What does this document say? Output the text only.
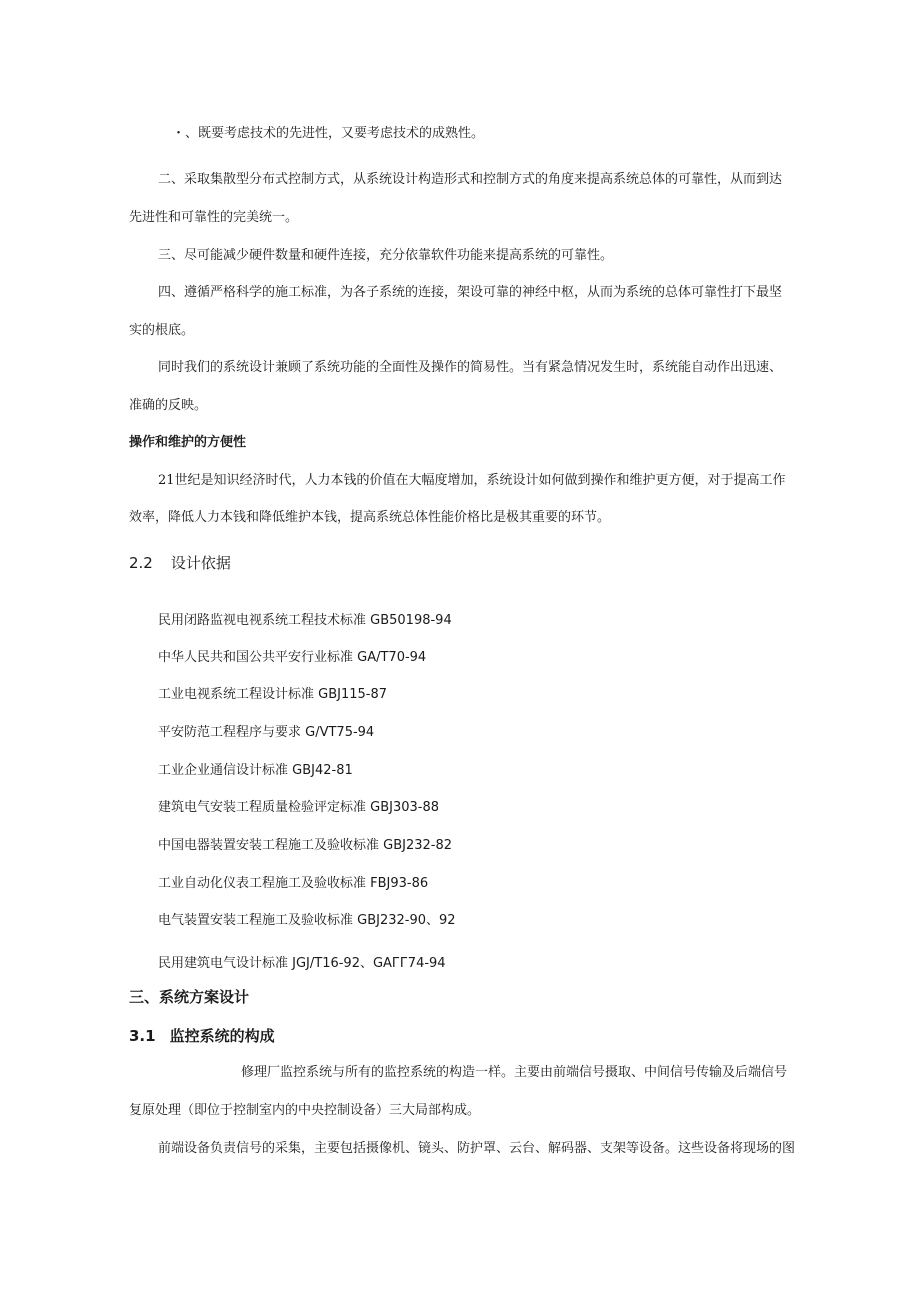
・、既要考虑技术的先进性，又要考虑技术的成熟性。
二、采取集散型分布式控制方式，从系统设计构造形式和控制方式的角度来提高系统总体的可靠性，从而到达
先进性和可靠性的完美统一。
三、尽可能减少硬件数量和硬件连接，充分依靠软件功能来提高系统的可靠性。
四、遵循严格科学的施工标准，为各子系统的连接，架设可靠的神经中枢，从而为系统的总体可靠性打下最坚
实的根底。
同时我们的系统设计兼顾了系统功能的全面性及操作的简易性。当有紧急情况发生时，系统能自动作出迅速、
准确的反映。
操作和维护的方便性
21世纪是知识经济时代，人力本钱的价值在大幅度增加，系统设计如何做到操作和维护更方便，对于提高工作
效率，降低人力本钱和降低维护本钱，提高系统总体性能价格比是极其重要的环节。
2.2 设计依据
民用闭路监视电视系统工程技术标准 GB50198-94
中华人民共和国公共平安行业标准 GA/T70-94
工业电视系统工程设计标准 GBJ115-87
平安防范工程程序与要求 G/VT75-94
工业企业通信设计标准 GBJ42-81
建筑电气安装工程质量检验评定标准 GBJ303-88
中国电器装置安装工程施工及验收标准 GBJ232-82
工业自动化仪表工程施工及验收标准 FBJ93-86
电气装置安装工程施工及验收标准 GBJ232-90、92
民用建筑电气设计标准 JGJ/T16-92、GAГГ74-94
三、系统方案设计
3.1 监控系统的构成
修理厂监控系统与所有的监控系统的构造一样。主要由前端信号摄取、中间信号传输及后端信号
复原处理（即位于控制室内的中央控制设备）三大局部构成。
前端设备负责信号的采集，主要包括摄像机、镜头、防护罩、云台、解码器、支架等设备。这些设备将现场的图
